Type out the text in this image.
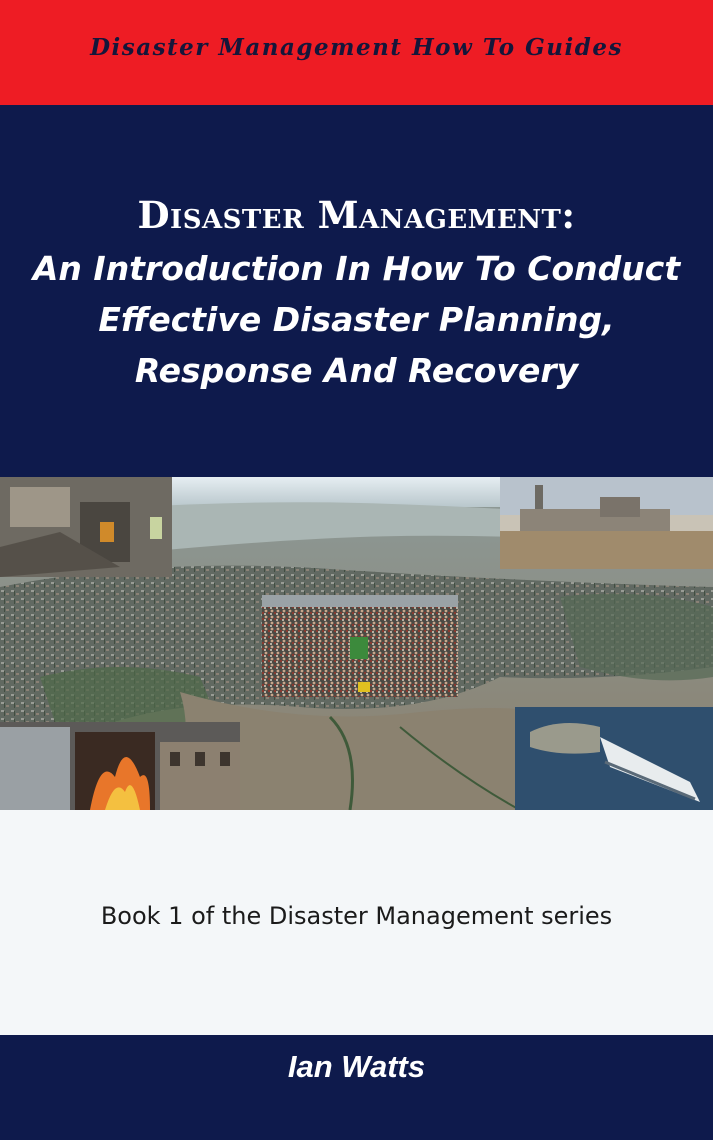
Disaster Management How To Guides
Disaster Management:
An Introduction In How To Conduct
Effective Disaster Planning,
Response And Recovery
Book 1 of the Disaster Management series
Ian Watts
